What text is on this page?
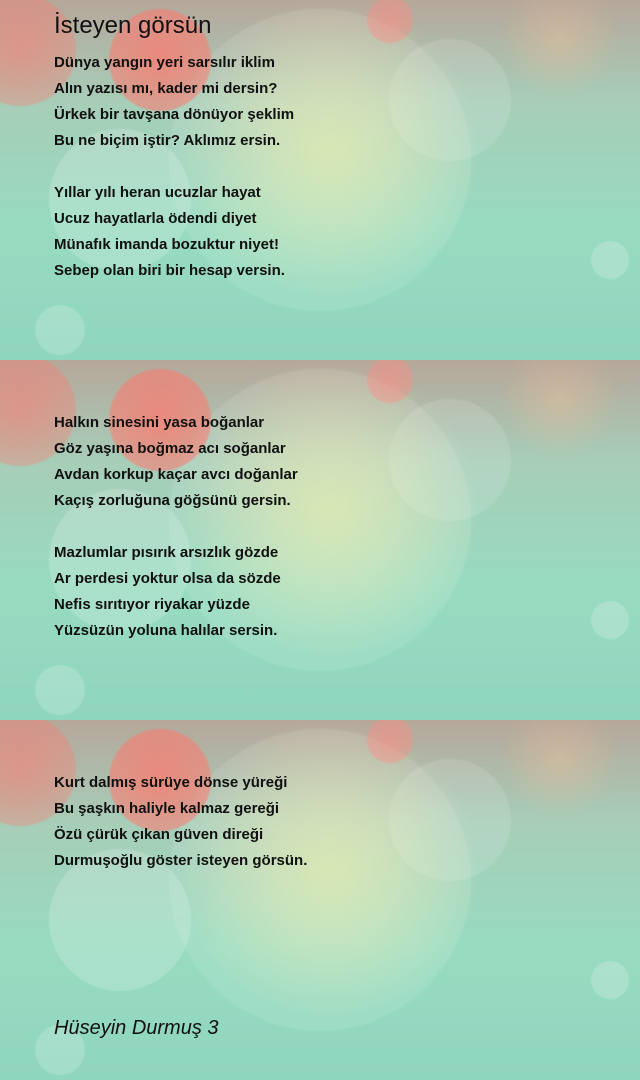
İsteyen görsün
Dünya yangın yeri sarsılır iklim
Alın yazısı mı, kader mi dersin?
Ürkek bir tavşana dönüyor şeklim
Bu ne biçim iştir? Aklımız ersin.
Yıllar yılı heran ucuzlar hayat
Ucuz hayatlarla ödendi diyet
Münafık imanda bozuktur niyet!
Sebep olan biri bir hesap versin.
Halkın sinesini yasa boğanlar
Göz yaşına boğmaz acı soğanlar
Avdan korkup kaçar avcı doğanlar
Kaçış zorluğuna göğsünü gersin.
Mazlumlar pısırık arsızlık gözde
Ar perdesi yoktur olsa da sözde
Nefis sırıtıyor riyakar yüzde
Yüzsüzün yoluna halılar sersin.
Kurt dalmış sürüye dönse yüreği
Bu şaşkın haliyle kalmaz gereği
Özü çürük çıkan güven direği
Durmuşoğlu göster isteyen görsün.
Hüseyin Durmuş 3
